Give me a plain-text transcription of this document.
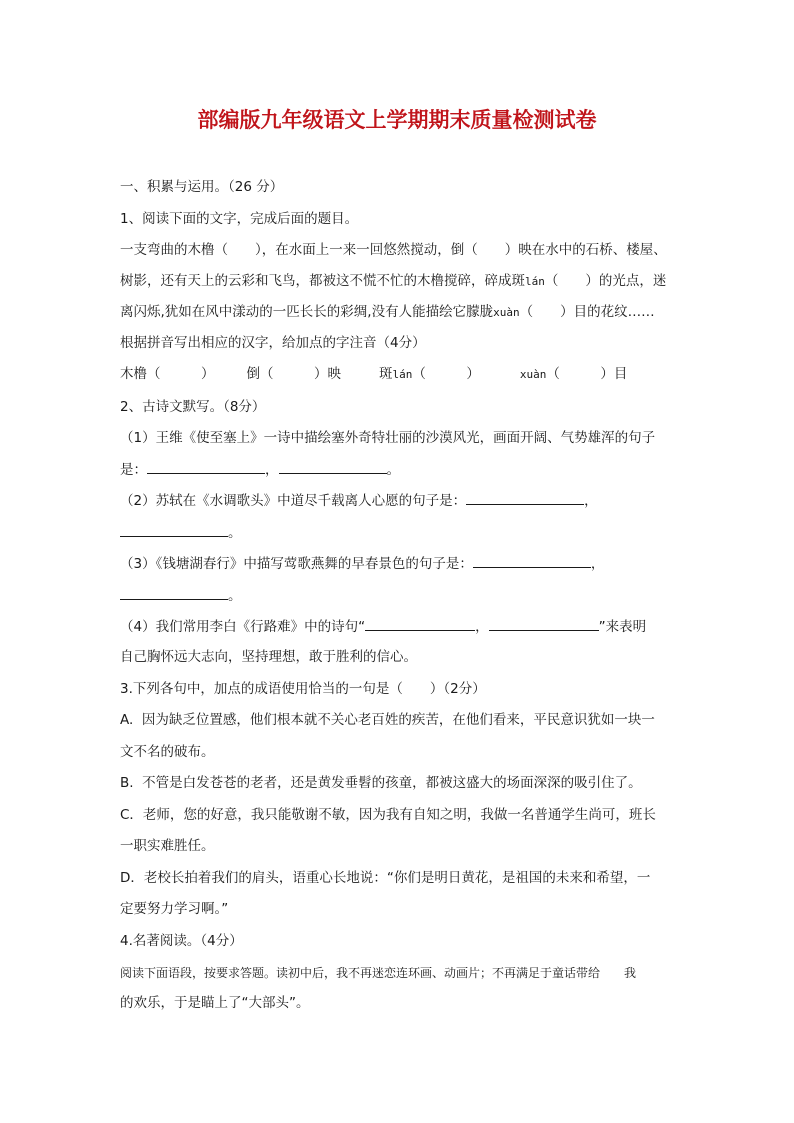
部编版九年级语文上学期期末质量检测试卷
一、积累与运用。（26 分）
1、阅读下面的文字，完成后面的题目。
一支弯曲的木橹（　　），在水面上一来一回悠然搅动，倒（　　）映在水中的石桥、楼屋、
树影，还有天上的云彩和飞鸟，都被这不慌不忙的木橹搅碎，碎成斑lán（　　）的光点，迷
离闪烁,犹如在风中漾动的一匹长长的彩绸,没有人能描绘它朦胧xuàn（　　）目的花纹……
根据拼音写出相应的汉字，给加点的字注音（4分）
木橹（　　　） 倒（　　　）映	斑lán（　　　）	xuàn（　　　）目
2、古诗文默写。（8分）
（1）王维《使至塞上》一诗中描绘塞外奇特壮丽的沙漠风光，画面开阔、气势雄浑的句子
是：	，	。
（2）苏轼在《水调歌头》中道尽千载离人心愿的句子是：	，
。
（3）《钱塘湖春行》中描写莺歌燕舞的早春景色的句子是：	，
。
（4）我们常用李白《行路难》中的诗句“	，	”来表明
自己胸怀远大志向，坚持理想，敢于胜利的信心。
3.下列各句中，加点的成语使用恰当的一句是（　　）（2分）
A.  因为缺乏位置感，他们根本就不关心老百姓的疾苦，在他们看来，平民意识犹如一块一
文不名的破布。
B.  不管是白发苍苍的老者，还是黄发垂髫的孩童，都被这盛大的场面深深的吸引住了。
C．老师，您的好意，我只能敬谢不敏，因为我有自知之明，我做一名普通学生尚可，班长
一职实难胜任。
D．老校长拍着我们的肩头，语重心长地说：“你们是明日黄花，是祖国的未来和希望，一
定要努力学习啊。”
4.名著阅读。（4分）
阅读下面语段，按要求答题。读初中后，我不再迷恋连环画、动画片；不再满足于童话带给　　我
的欢乐，于是瞄上了“大部头”。
